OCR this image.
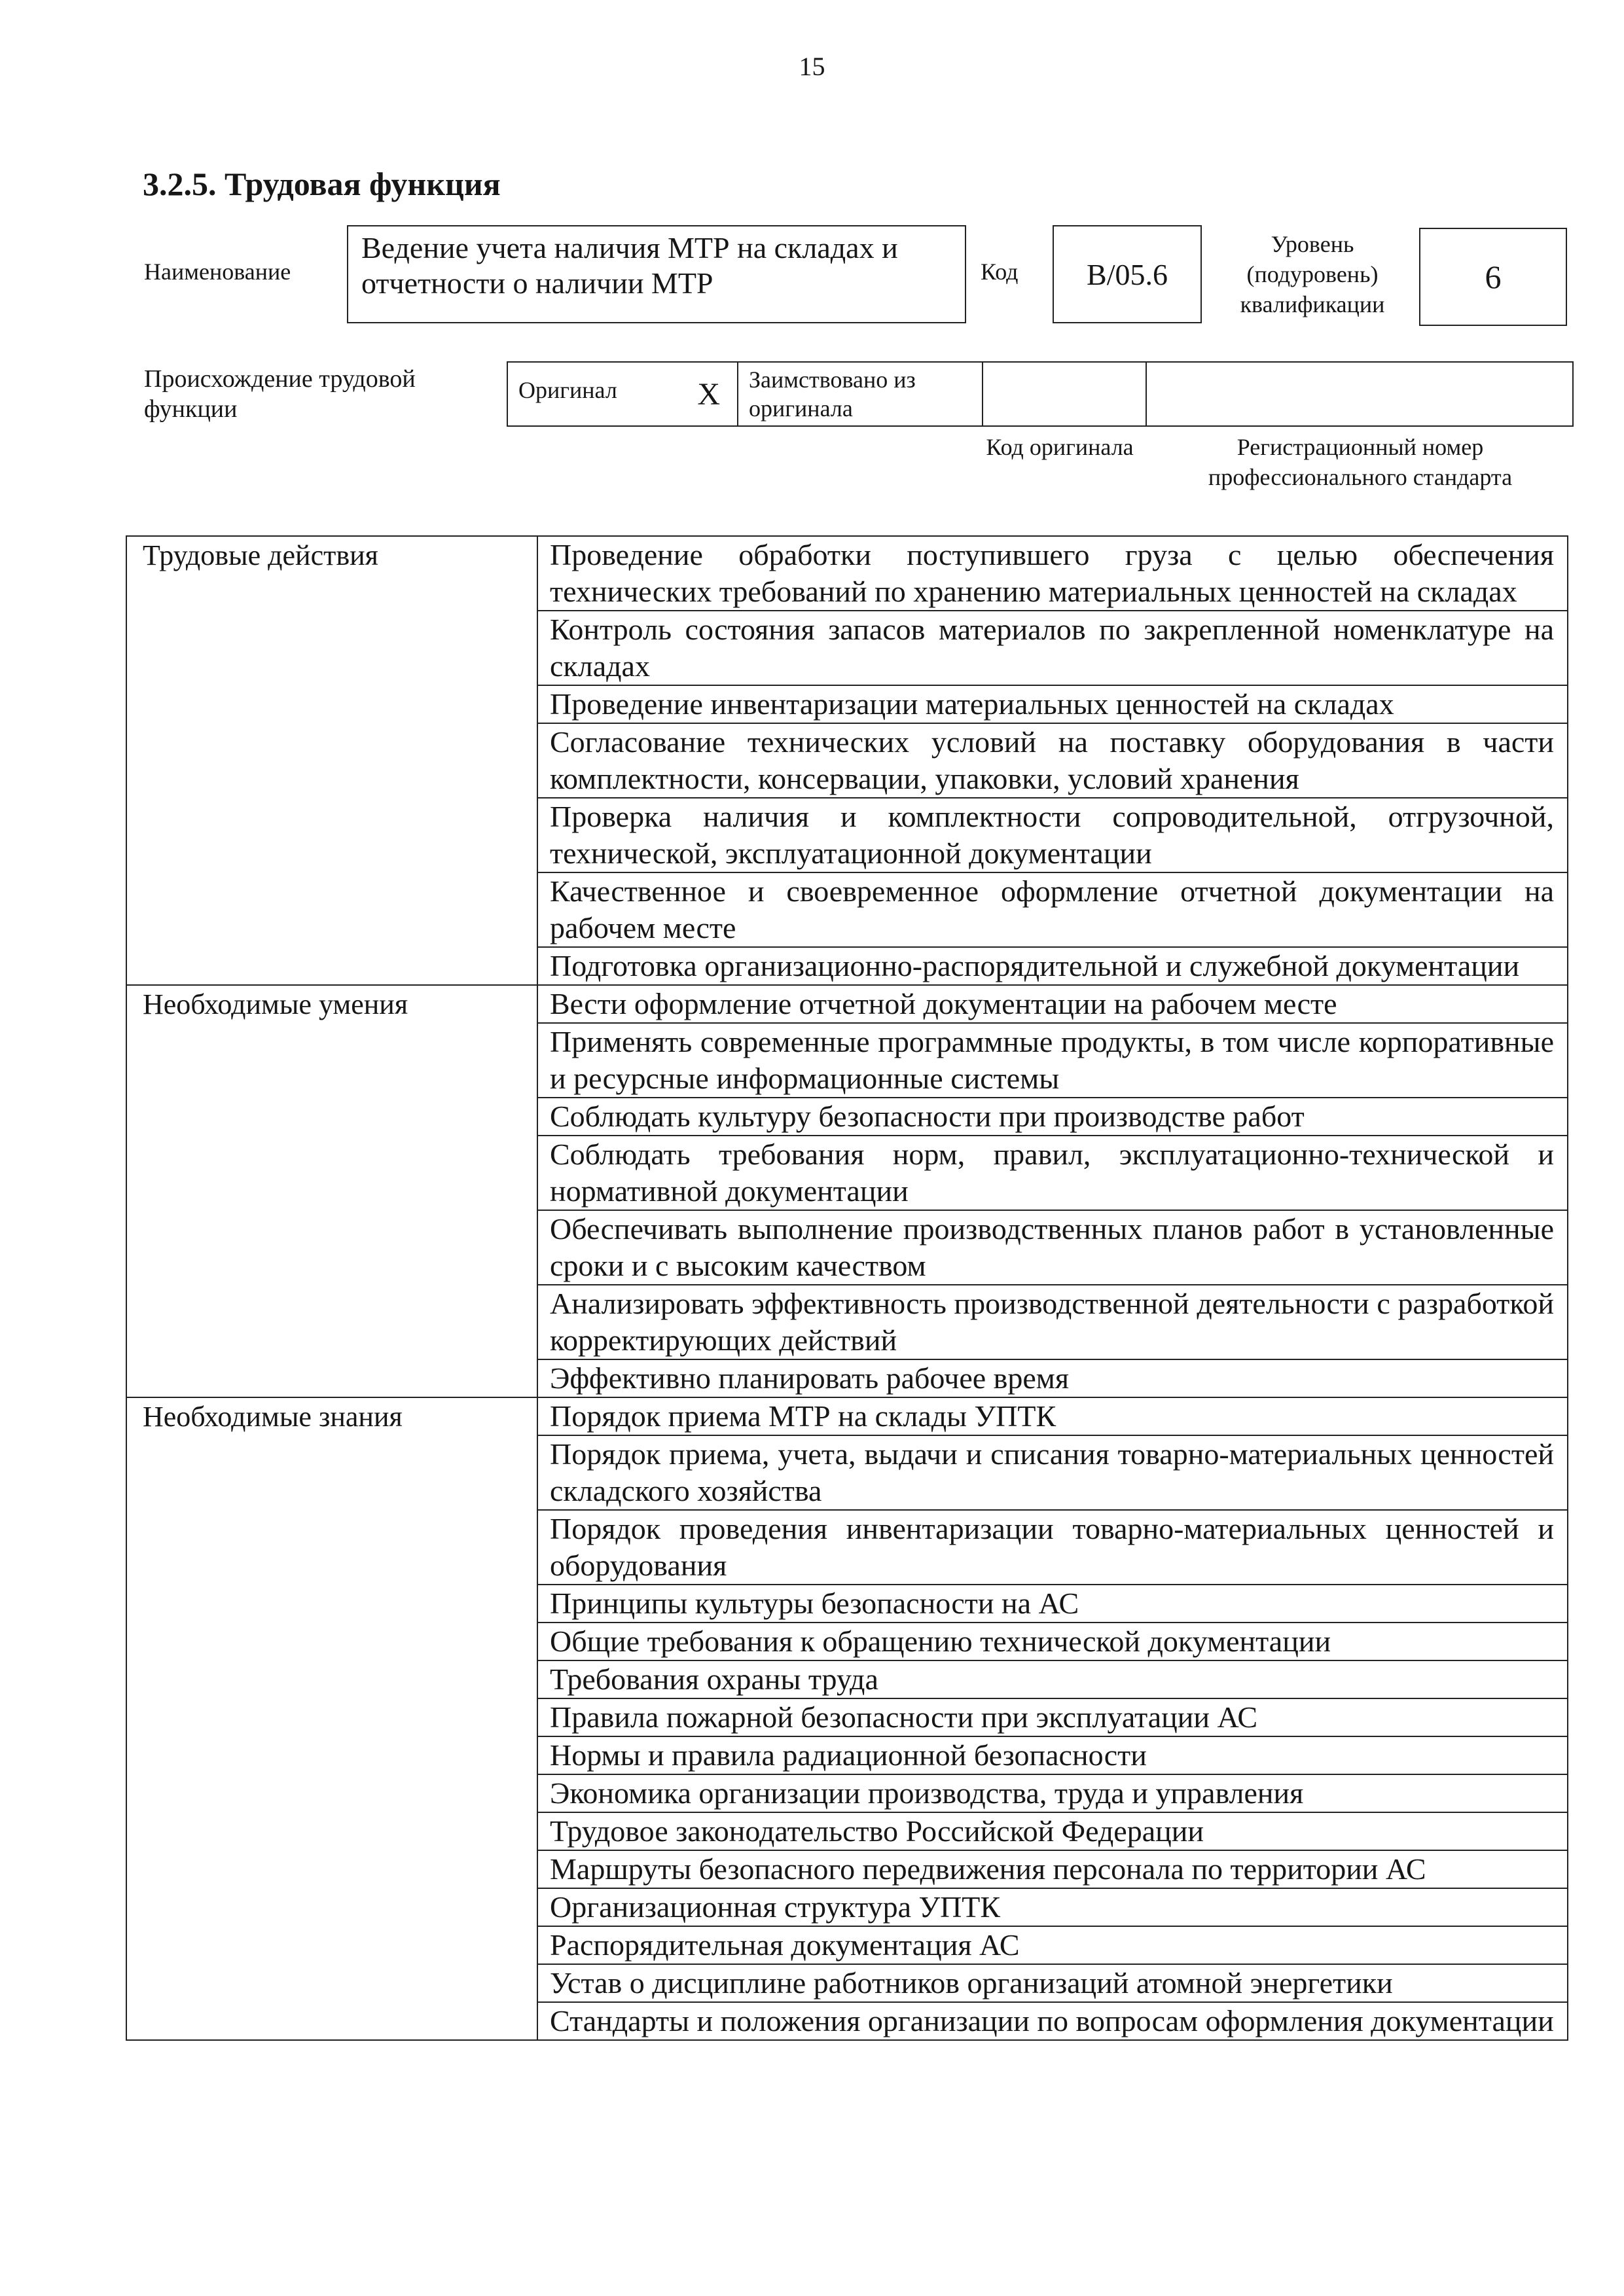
15
3.2.5. Трудовая функция
Наименование
Ведение учета наличия МТР на складах и отчетности о наличии МТР	Код	B/05.6
Уровень (подуровень) квалификации
6
Происхождение трудовой
функции
Оригинал	X	Заимствовано из оригинала		
Код оригинала	Регистрационный номер профессионального стандарта
Трудовые действия	Проведение обработки поступившего груза с целью обеспечения технических требований по хранению материальных ценностей на складах
	Контроль состояния запасов материалов по закрепленной номенклатуре на складах
	Проведение инвентаризации материальных ценностей на складах
	Согласование технических условий на поставку оборудования в части комплектности, консервации, упаковки, условий хранения
	Проверка наличия и комплектности сопроводительной, отгрузочной, технической, эксплуатационной документации
	Качественное и своевременное оформление отчетной документации на рабочем месте
	Подготовка организационно-распорядительной и служебной документации
Необходимые умения	Вести оформление отчетной документации на рабочем месте
	Применять современные программные продукты, в том числе корпоративные и ресурсные информационные системы
	Соблюдать культуру безопасности при производстве работ
	Соблюдать требования норм, правил, эксплуатационно-технической и нормативной документации
	Обеспечивать выполнение производственных планов работ в установленные сроки и с высоким качеством
	Анализировать эффективность производственной деятельности с разработкой корректирующих действий
	Эффективно планировать рабочее время
Необходимые знания	Порядок приема МТР на склады УПТК
	Порядок приема, учета, выдачи и списания товарно-материальных ценностей складского хозяйства
	Порядок проведения инвентаризации товарно-материальных ценностей и оборудования
	Принципы культуры безопасности на АС
	Общие требования к обращению технической документации
	Требования охраны труда
	Правила пожарной безопасности при эксплуатации АС
	Нормы и правила радиационной безопасности
	Экономика организации производства, труда и управления
	Трудовое законодательство Российской Федерации
	Маршруты безопасного передвижения персонала по территории АС
	Организационная структура УПТК
	Распорядительная документация АС
	Устав о дисциплине работников организаций атомной энергетики
	Стандарты и положения организации по вопросам оформления документации
